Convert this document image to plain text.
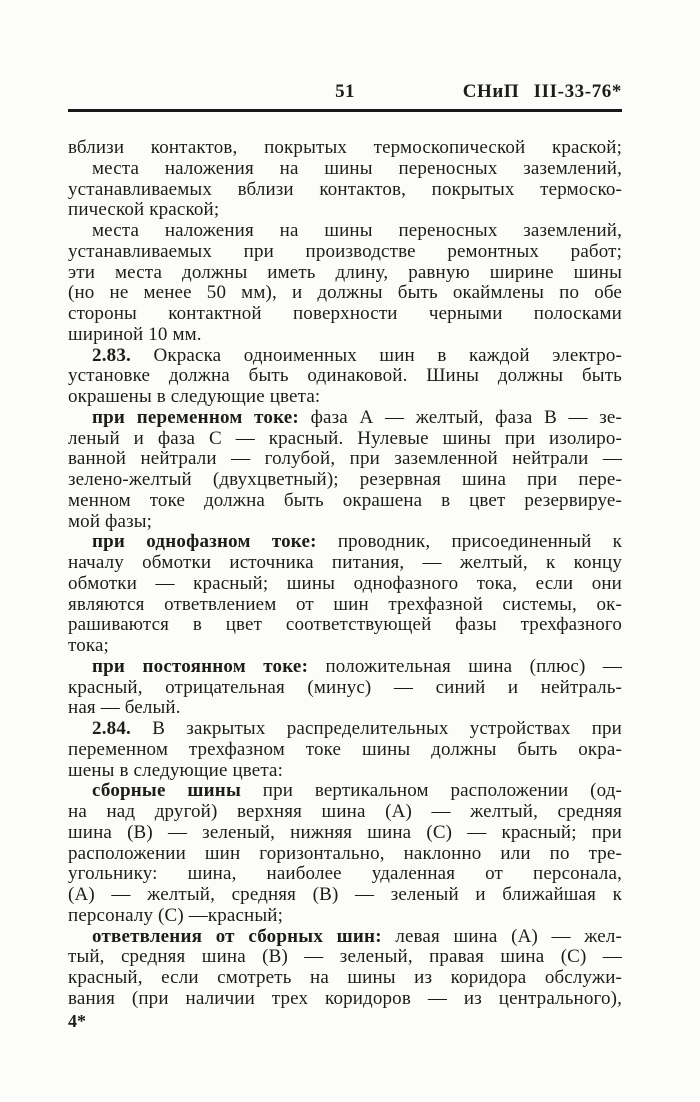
51	СНиП III-33-76*
вблизи контактов, покрытых термоскопической краской;
места наложения на шины переносных заземлений,
устанавливаемых вблизи контактов, покрытых термоско-
пической краской;
места наложения на шины переносных заземлений,
устанавливаемых при производстве ремонтных работ;
эти места должны иметь длину, равную ширине шины
(но не менее 50 мм), и должны быть окаймлены по обе
стороны контактной поверхности черными полосками
шириной 10 мм.
2.83. Окраска одноименных шин в каждой электро-
установке должна быть одинаковой. Шины должны быть
окрашены в следующие цвета:
при переменном токе: фаза А — желтый, фаза В — зе-
леный и фаза С — красный. Нулевые шины при изолиро-
ванной нейтрали — голубой, при заземленной нейтрали —
зелено-желтый (двухцветный); резервная шина при пере-
менном токе должна быть окрашена в цвет резервируе-
мой фазы;
при однофазном токе: проводник, присоединенный к
началу обмотки источника питания, — желтый, к концу
обмотки — красный; шины однофазного тока, если они
являются ответвлением от шин трехфазной системы, ок-
рашиваются в цвет соответствующей фазы трехфазного
тока;
при постоянном токе: положительная шина (плюс) —
красный, отрицательная (минус) — синий и нейтраль-
ная — белый.
2.84. В закрытых распределительных устройствах при
переменном трехфазном токе шины должны быть окра-
шены в следующие цвета:
сборные шины при вертикальном расположении (од-
на над другой) верхняя шина (А) — желтый, средняя
шина (В) — зеленый, нижняя шина (С) — красный; при
расположении шин горизонтально, наклонно или по тре-
угольнику: шина, наиболее удаленная от персонала,
(А) — желтый, средняя (В) — зеленый и ближайшая к
персоналу (С) —красный;
ответвления от сборных шин: левая шина (А) — жел-
тый, средняя шина (В) — зеленый, правая шина (С) —
красный, если смотреть на шины из коридора обслужи-
вания (при наличии трех коридоров — из центрального),
4*
